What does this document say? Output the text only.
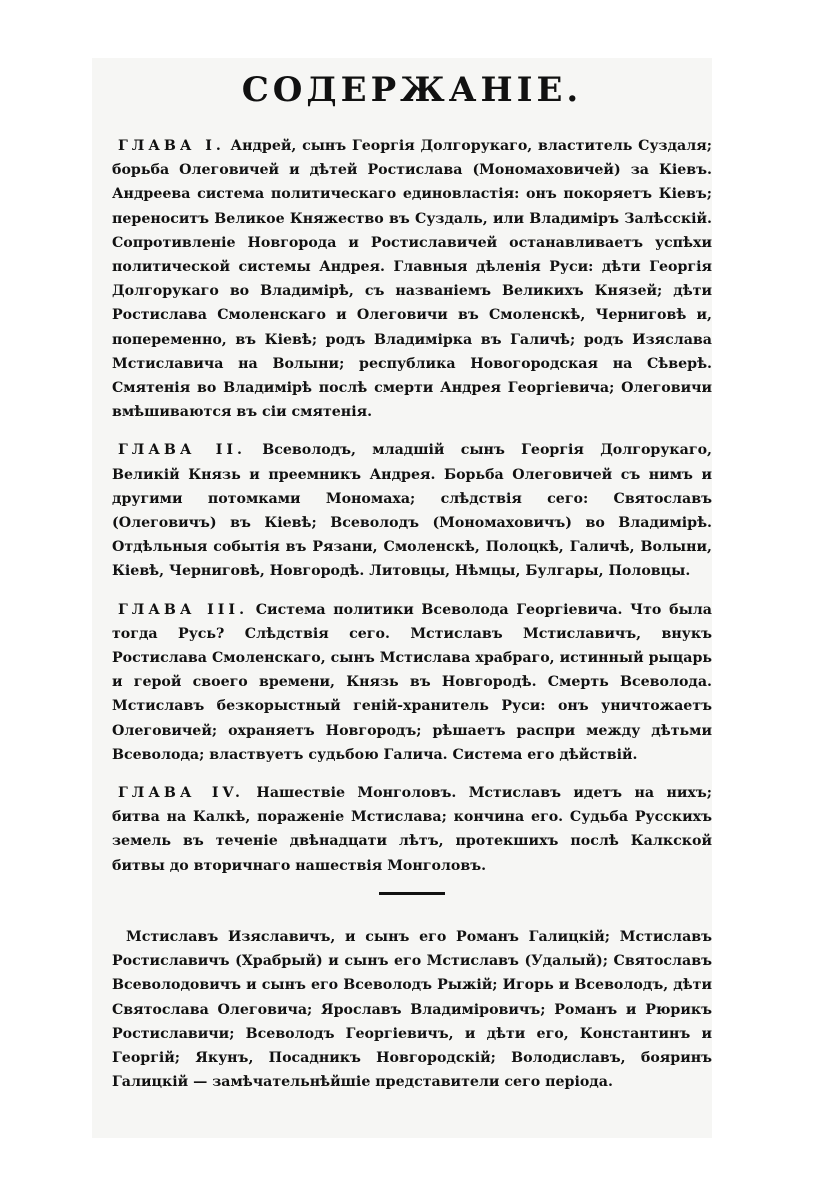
СОДЕРЖАНІЕ.

ГЛАВА I. Андрей, сынъ Георгія Долгорукаго, властитель Суздаля; борьба Олеговичей и дѣтей Ростислава (Мономаховичей) за Кіевъ. Андреева система политическаго единовластія: онъ покоряетъ Кіевъ; переноситъ Великое Княжество въ Суздаль, или Владиміръ Залѣсскій. Сопротивленіе Новгорода и Ростиславичей останавливаетъ успѣхи политической системы Андрея. Главныя дѣленія Руси: дѣти Георгія Долгорукаго во Владимірѣ, съ названіемъ Великихъ Князей; дѣти Ростислава Смоленскаго и Олеговичи въ Смоленскѣ, Черниговѣ и, попеременно, въ Кіевѣ; родъ Владимірка въ Галичѣ; родъ Изяслава Мстиславича на Волыни; республика Новогородская на Сѣверѣ. Смятенія во Владимірѣ послѣ смерти Андрея Георгіевича; Олеговичи вмѣшиваются въ сіи смятенія.

ГЛАВА II. Всеволодъ, младшій сынъ Георгія Долгорукаго, Великій Князь и преемникъ Андрея. Борьба Олеговичей съ нимъ и другими потомками Мономаха; слѣдствія сего: Святославъ (Олеговичъ) въ Кіевѣ; Всеволодъ (Мономаховичъ) во Владимірѣ. Отдѣльныя событія въ Рязани, Смоленскѣ, Полоцкѣ, Галичѣ, Волыни, Кіевѣ, Черниговѣ, Новгородѣ. Литовцы, Нѣмцы, Булгары, Половцы.

ГЛАВА III. Система политики Всеволода Георгіевича. Что была тогда Русь? Слѣдствія сего. Мстиславъ Мстиславичъ, внукъ Ростислава Смоленскаго, сынъ Мстислава храбраго, истинный рыцарь и герой своего времени, Князь въ Новгородѣ. Смерть Всеволода. Мстиславъ безкорыстный геній-хранитель Руси: онъ уничтожаетъ Олеговичей; охраняетъ Новгородъ; рѣшаетъ распри между дѣтьми Всеволода; властвуетъ судьбою Галича. Система его дѣйствій.

ГЛАВА IV. Нашествіе Монголовъ. Мстиславъ идетъ на нихъ; битва на Калкѣ, пораженіе Мстислава; кончина его. Судьба Русскихъ земель въ теченіе двѣнадцати лѣтъ, протекшихъ послѣ Калкской битвы до вторичнаго нашествія Монголовъ.

Мстиславъ Изяславичъ, и сынъ его Романъ Галицкій; Мстиславъ Ростиславичъ (Храбрый) и сынъ его Мстиславъ (Удалый); Святославъ Всеволодовичъ и сынъ его Всеволодъ Рыжій; Игорь и Всеволодъ, дѣти Святослава Олеговича; Ярославъ Владиміровичъ; Романъ и Рюрикъ Ростиславичи; Всеволодъ Георгіевичъ, и дѣти его, Константинъ и Георгій; Якунъ, Посадникъ Новгородскій; Володиславъ, бояринъ Галицкій — замѣчательнѣйшіе представители сего періода.
